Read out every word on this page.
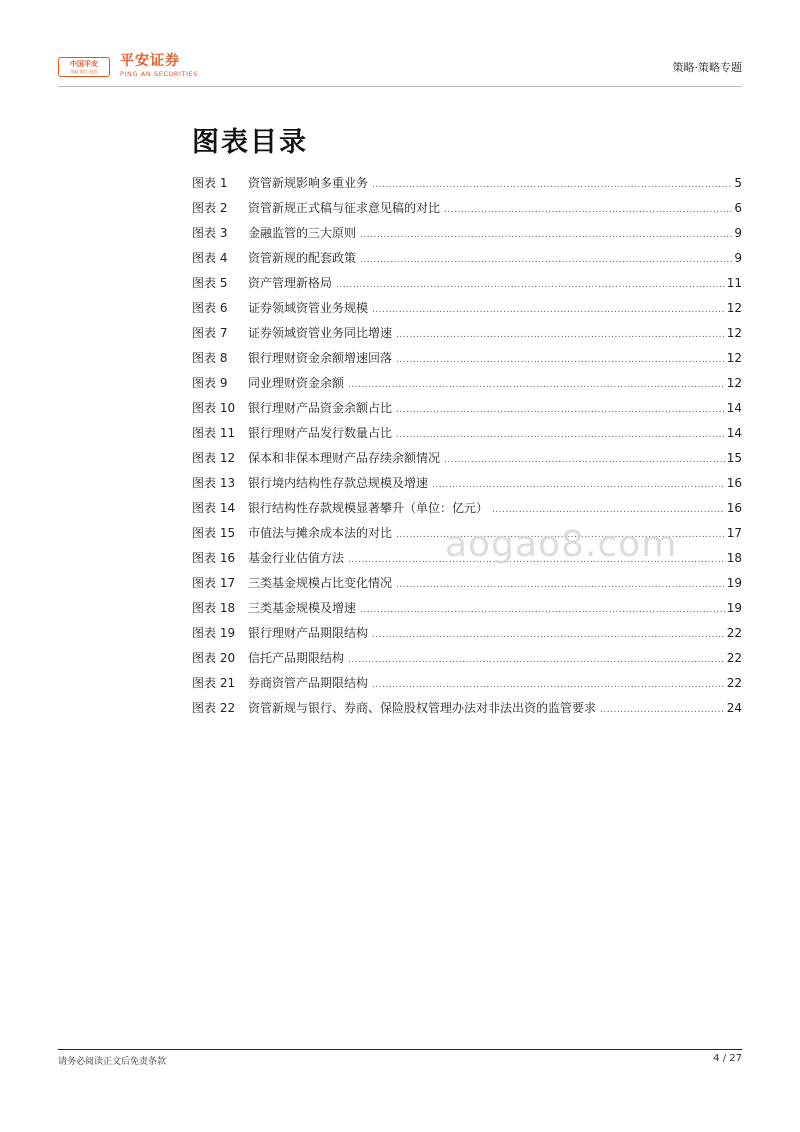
中国平安
保险 银行 投资
平安证券
PING AN SECURITIES	策略·策略专题
图表目录
图表 1	资管新规影响多重业务 .....	5
图表 2	资管新规正式稿与征求意见稿的对比 .....	6
图表 3	金融监管的三大原则 .....	9
图表 4	资管新规的配套政策 .....	9
图表 5	资产管理新格局 .....	11
图表 6	证券领域资管业务规模 .....	12
图表 7	证券领域资管业务同比增速 .....	12
图表 8	银行理财资金余额增速回落 .....	12
图表 9	同业理财资金余额 .....	12
图表 10	银行理财产品资金余额占比 .....	14
图表 11	银行理财产品发行数量占比 .....	14
图表 12	保本和非保本理财产品存续余额情况 .....	15
图表 13	银行境内结构性存款总规模及增速 .....	16
图表 14	银行结构性存款规模显著攀升（单位：亿元） .....	16
图表 15	市值法与摊余成本法的对比 .....	17
图表 16	基金行业估值方法 .....	18
图表 17	三类基金规模占比变化情况 .....	19
图表 18	三类基金规模及增速 .....	19
图表 19	银行理财产品期限结构 .....	22
图表 20	信托产品期限结构 .....	22
图表 21	券商资管产品期限结构 .....	22
图表 22	资管新规与银行、券商、保险股权管理办法对非法出资的监管要求 .....	24
aogao8.com
请务必阅读正文后免责条款	4 / 27
